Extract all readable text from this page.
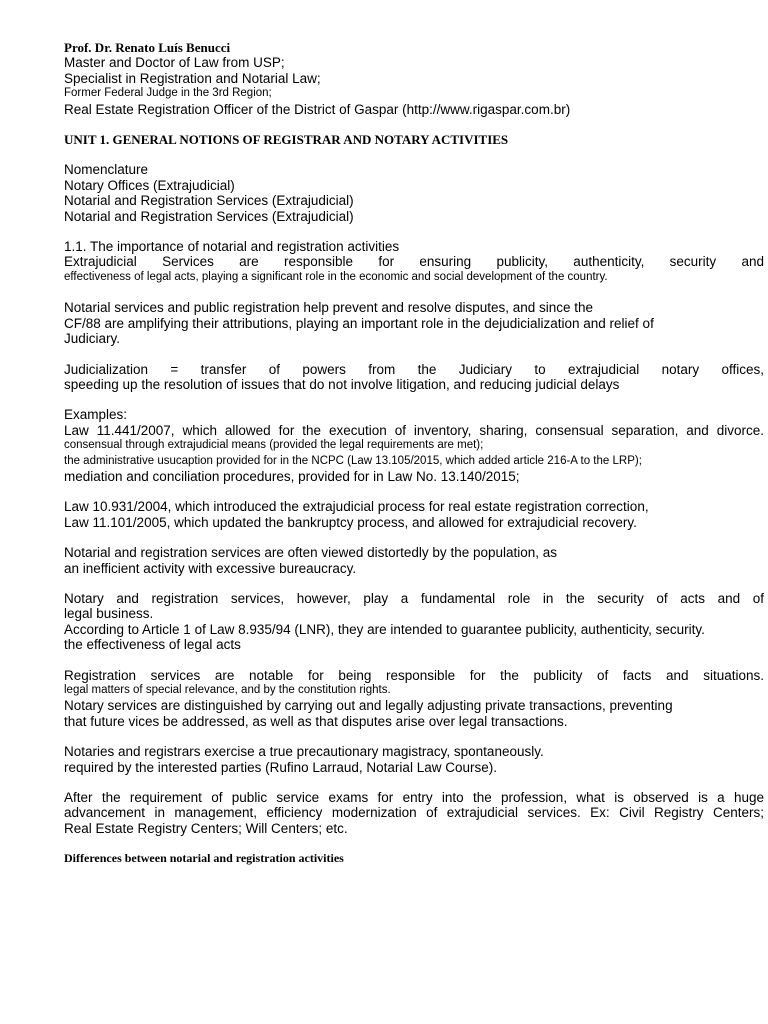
Prof. Dr. Renato Luís Benucci
Master and Doctor of Law from USP;
Specialist in Registration and Notarial Law;
Former Federal Judge in the 3rd Region;
Real Estate Registration Officer of the District of Gaspar (http://www.rigaspar.com.br)
UNIT 1. GENERAL NOTIONS OF REGISTRAR AND NOTARY ACTIVITIES
Nomenclature
Notary Offices (Extrajudicial)
Notarial and Registration Services (Extrajudicial)
Notarial and Registration Services (Extrajudicial)
1.1. The importance of notarial and registration activities
Extrajudicial Services are responsible for ensuring publicity, authenticity, security and
effectiveness of legal acts, playing a significant role in the economic and social development of the country.
Notarial services and public registration help prevent and resolve disputes, and since the
CF/88 are amplifying their attributions, playing an important role in the dejudicialization and relief of
Judiciary.
Judicialization = transfer of powers from the Judiciary to extrajudicial notary offices,
speeding up the resolution of issues that do not involve litigation, and reducing judicial delays
Examples:
Law 11.441/2007, which allowed for the execution of inventory, sharing, consensual separation, and divorce.
consensual through extrajudicial means (provided the legal requirements are met);
the administrative usucaption provided for in the NCPC (Law 13.105/2015, which added article 216-A to the LRP);
mediation and conciliation procedures, provided for in Law No. 13.140/2015;
Law 10.931/2004, which introduced the extrajudicial process for real estate registration correction,
Law 11.101/2005, which updated the bankruptcy process, and allowed for extrajudicial recovery.
Notarial and registration services are often viewed distortedly by the population, as
an inefficient activity with excessive bureaucracy.
Notary and registration services, however, play a fundamental role in the security of acts and of
legal business.
According to Article 1 of Law 8.935/94 (LNR), they are intended to guarantee publicity, authenticity, security.
the effectiveness of legal acts
Registration services are notable for being responsible for the publicity of facts and situations.
legal matters of special relevance, and by the constitution rights.
Notary services are distinguished by carrying out and legally adjusting private transactions, preventing
that future vices be addressed, as well as that disputes arise over legal transactions.
Notaries and registrars exercise a true precautionary magistracy, spontaneously.
required by the interested parties (Rufino Larraud, Notarial Law Course).
After the requirement of public service exams for entry into the profession, what is observed is a huge
advancement in management, efficiency modernization of extrajudicial services. Ex: Civil Registry Centers;
Real Estate Registry Centers; Will Centers; etc.
Differences between notarial and registration activities
